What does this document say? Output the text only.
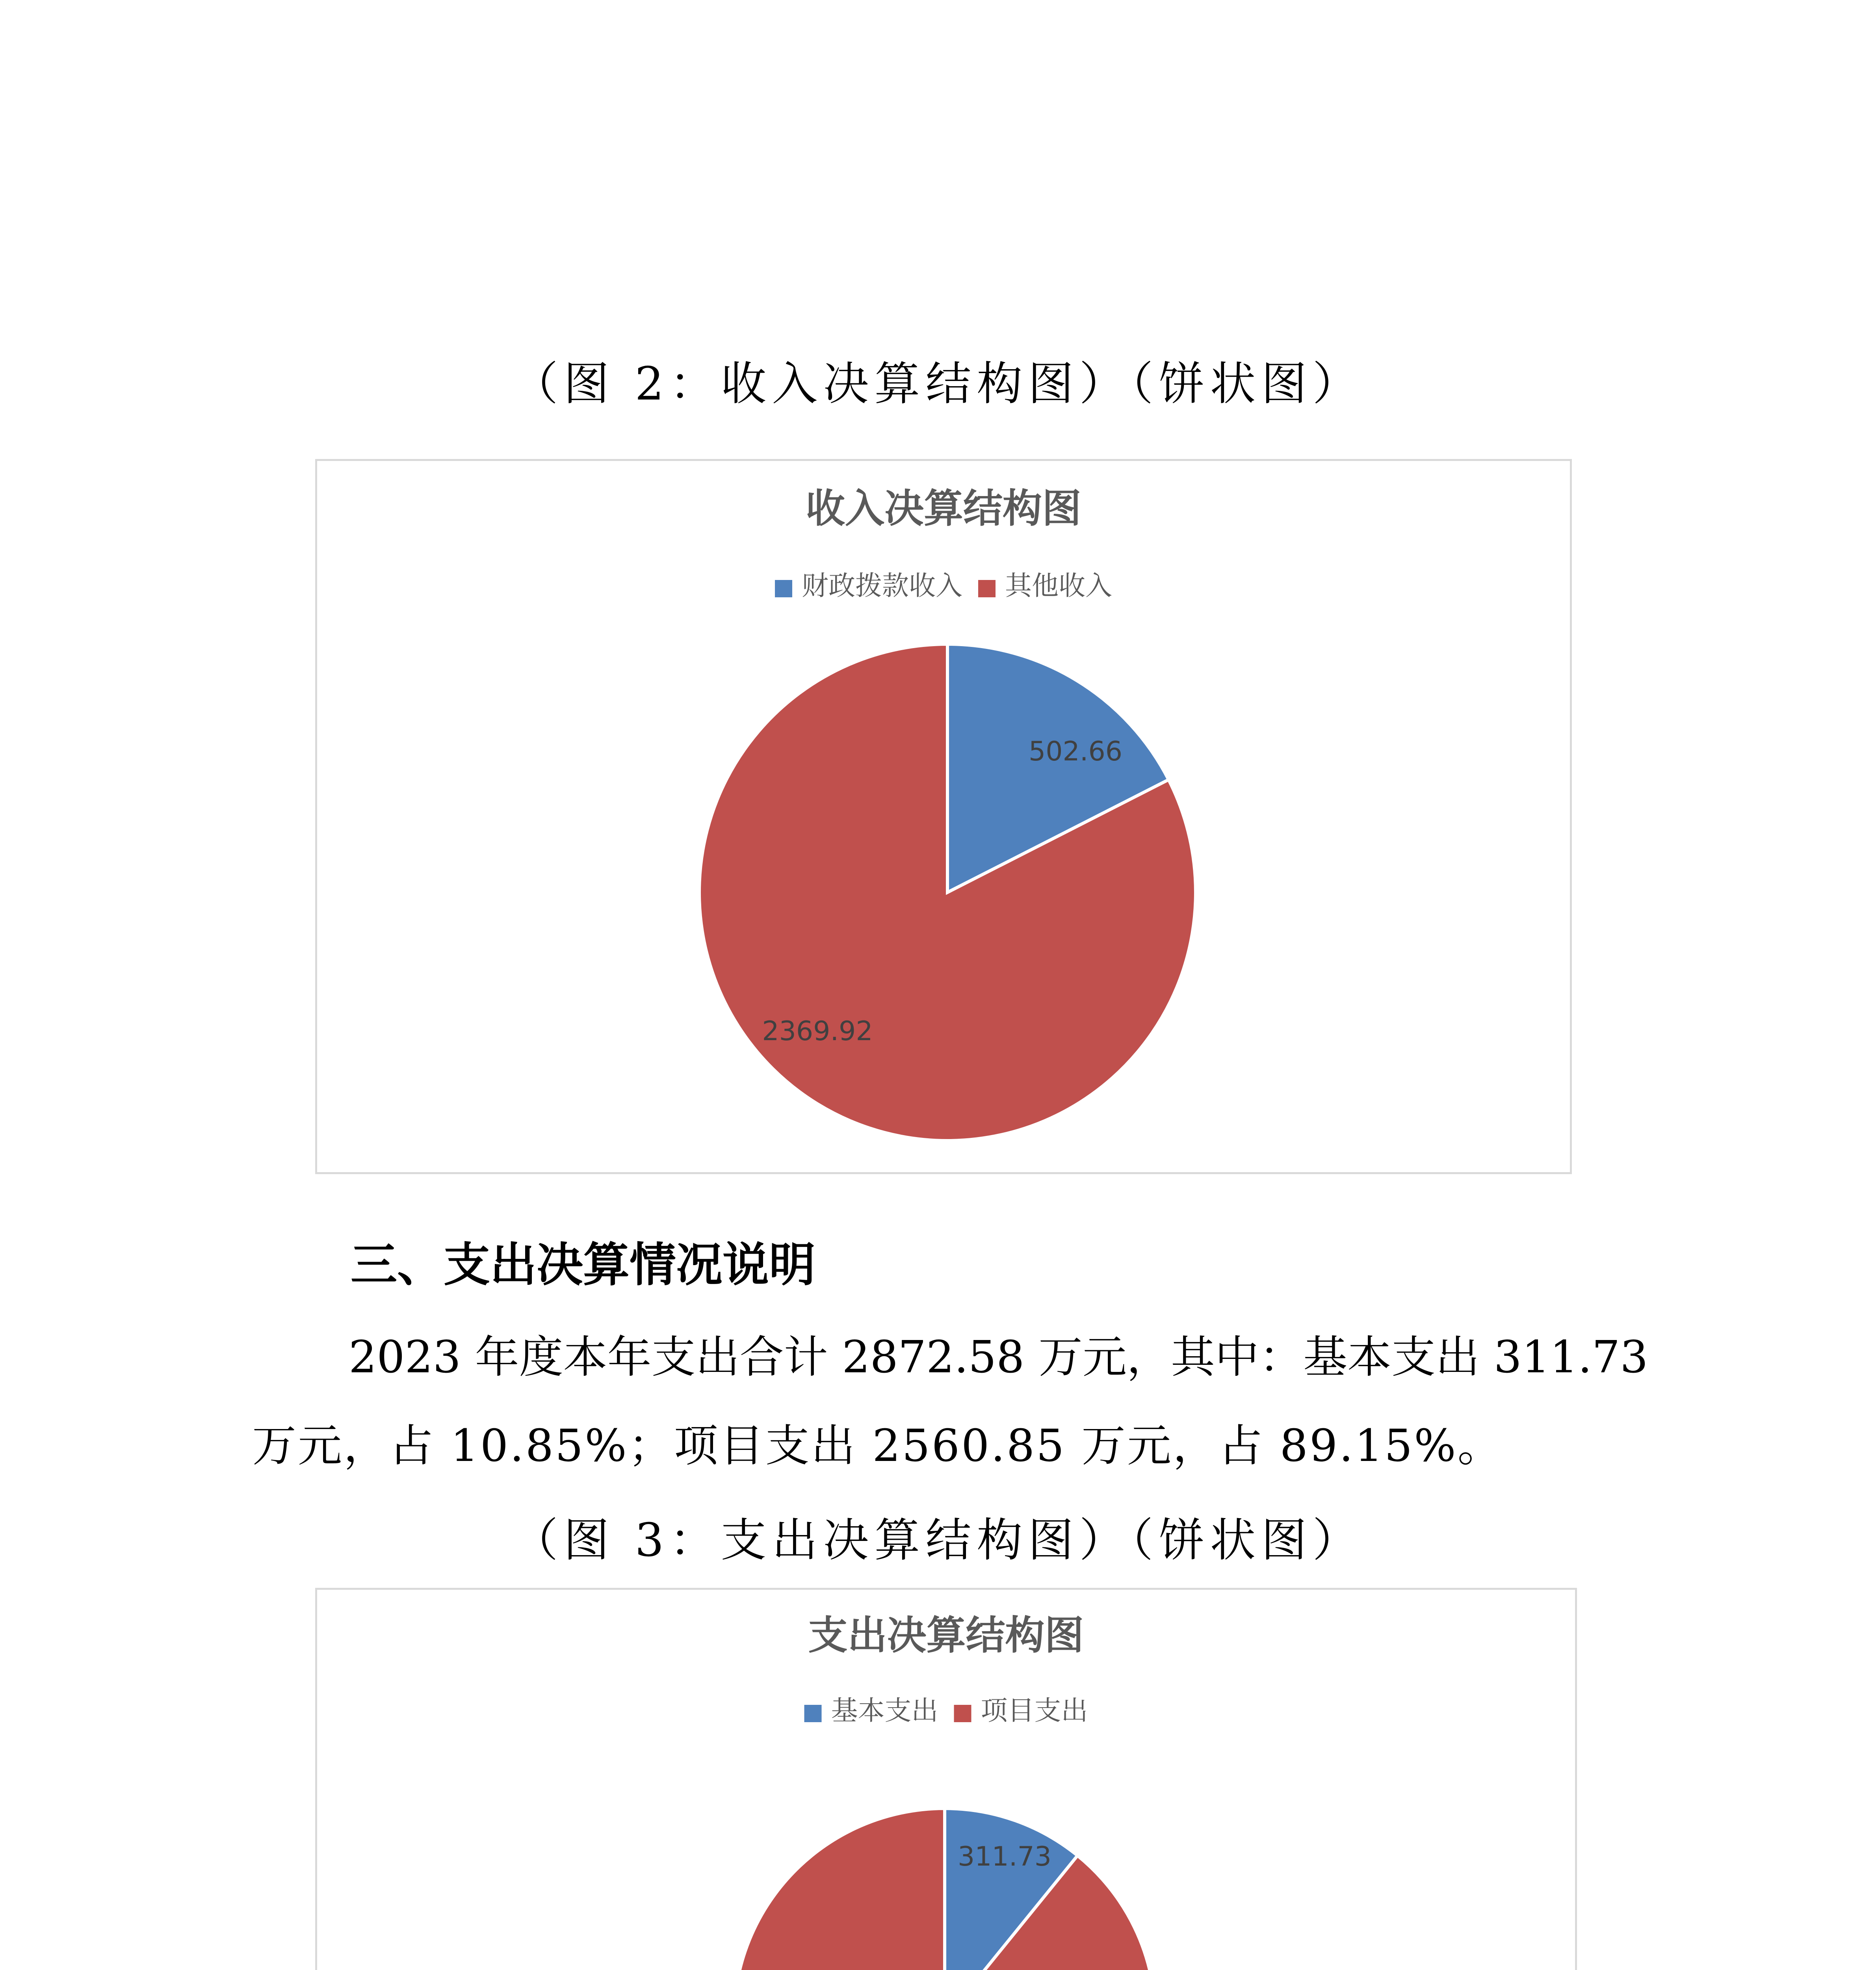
（图 2：收入决算结构图）（饼状图）
收入决算结构图
财政拨款收入 其他收入
502.66
2369.92
三、支出决算情况说明
2023 年度本年支出合计 2872.58 万元，其中：基本支出 311.73
万元，占 10.85%；项目支出 2560.85 万元，占 89.15%。
（图 3：支出决算结构图）（饼状图）
支出决算结构图
基本支出 项目支出
311.73
